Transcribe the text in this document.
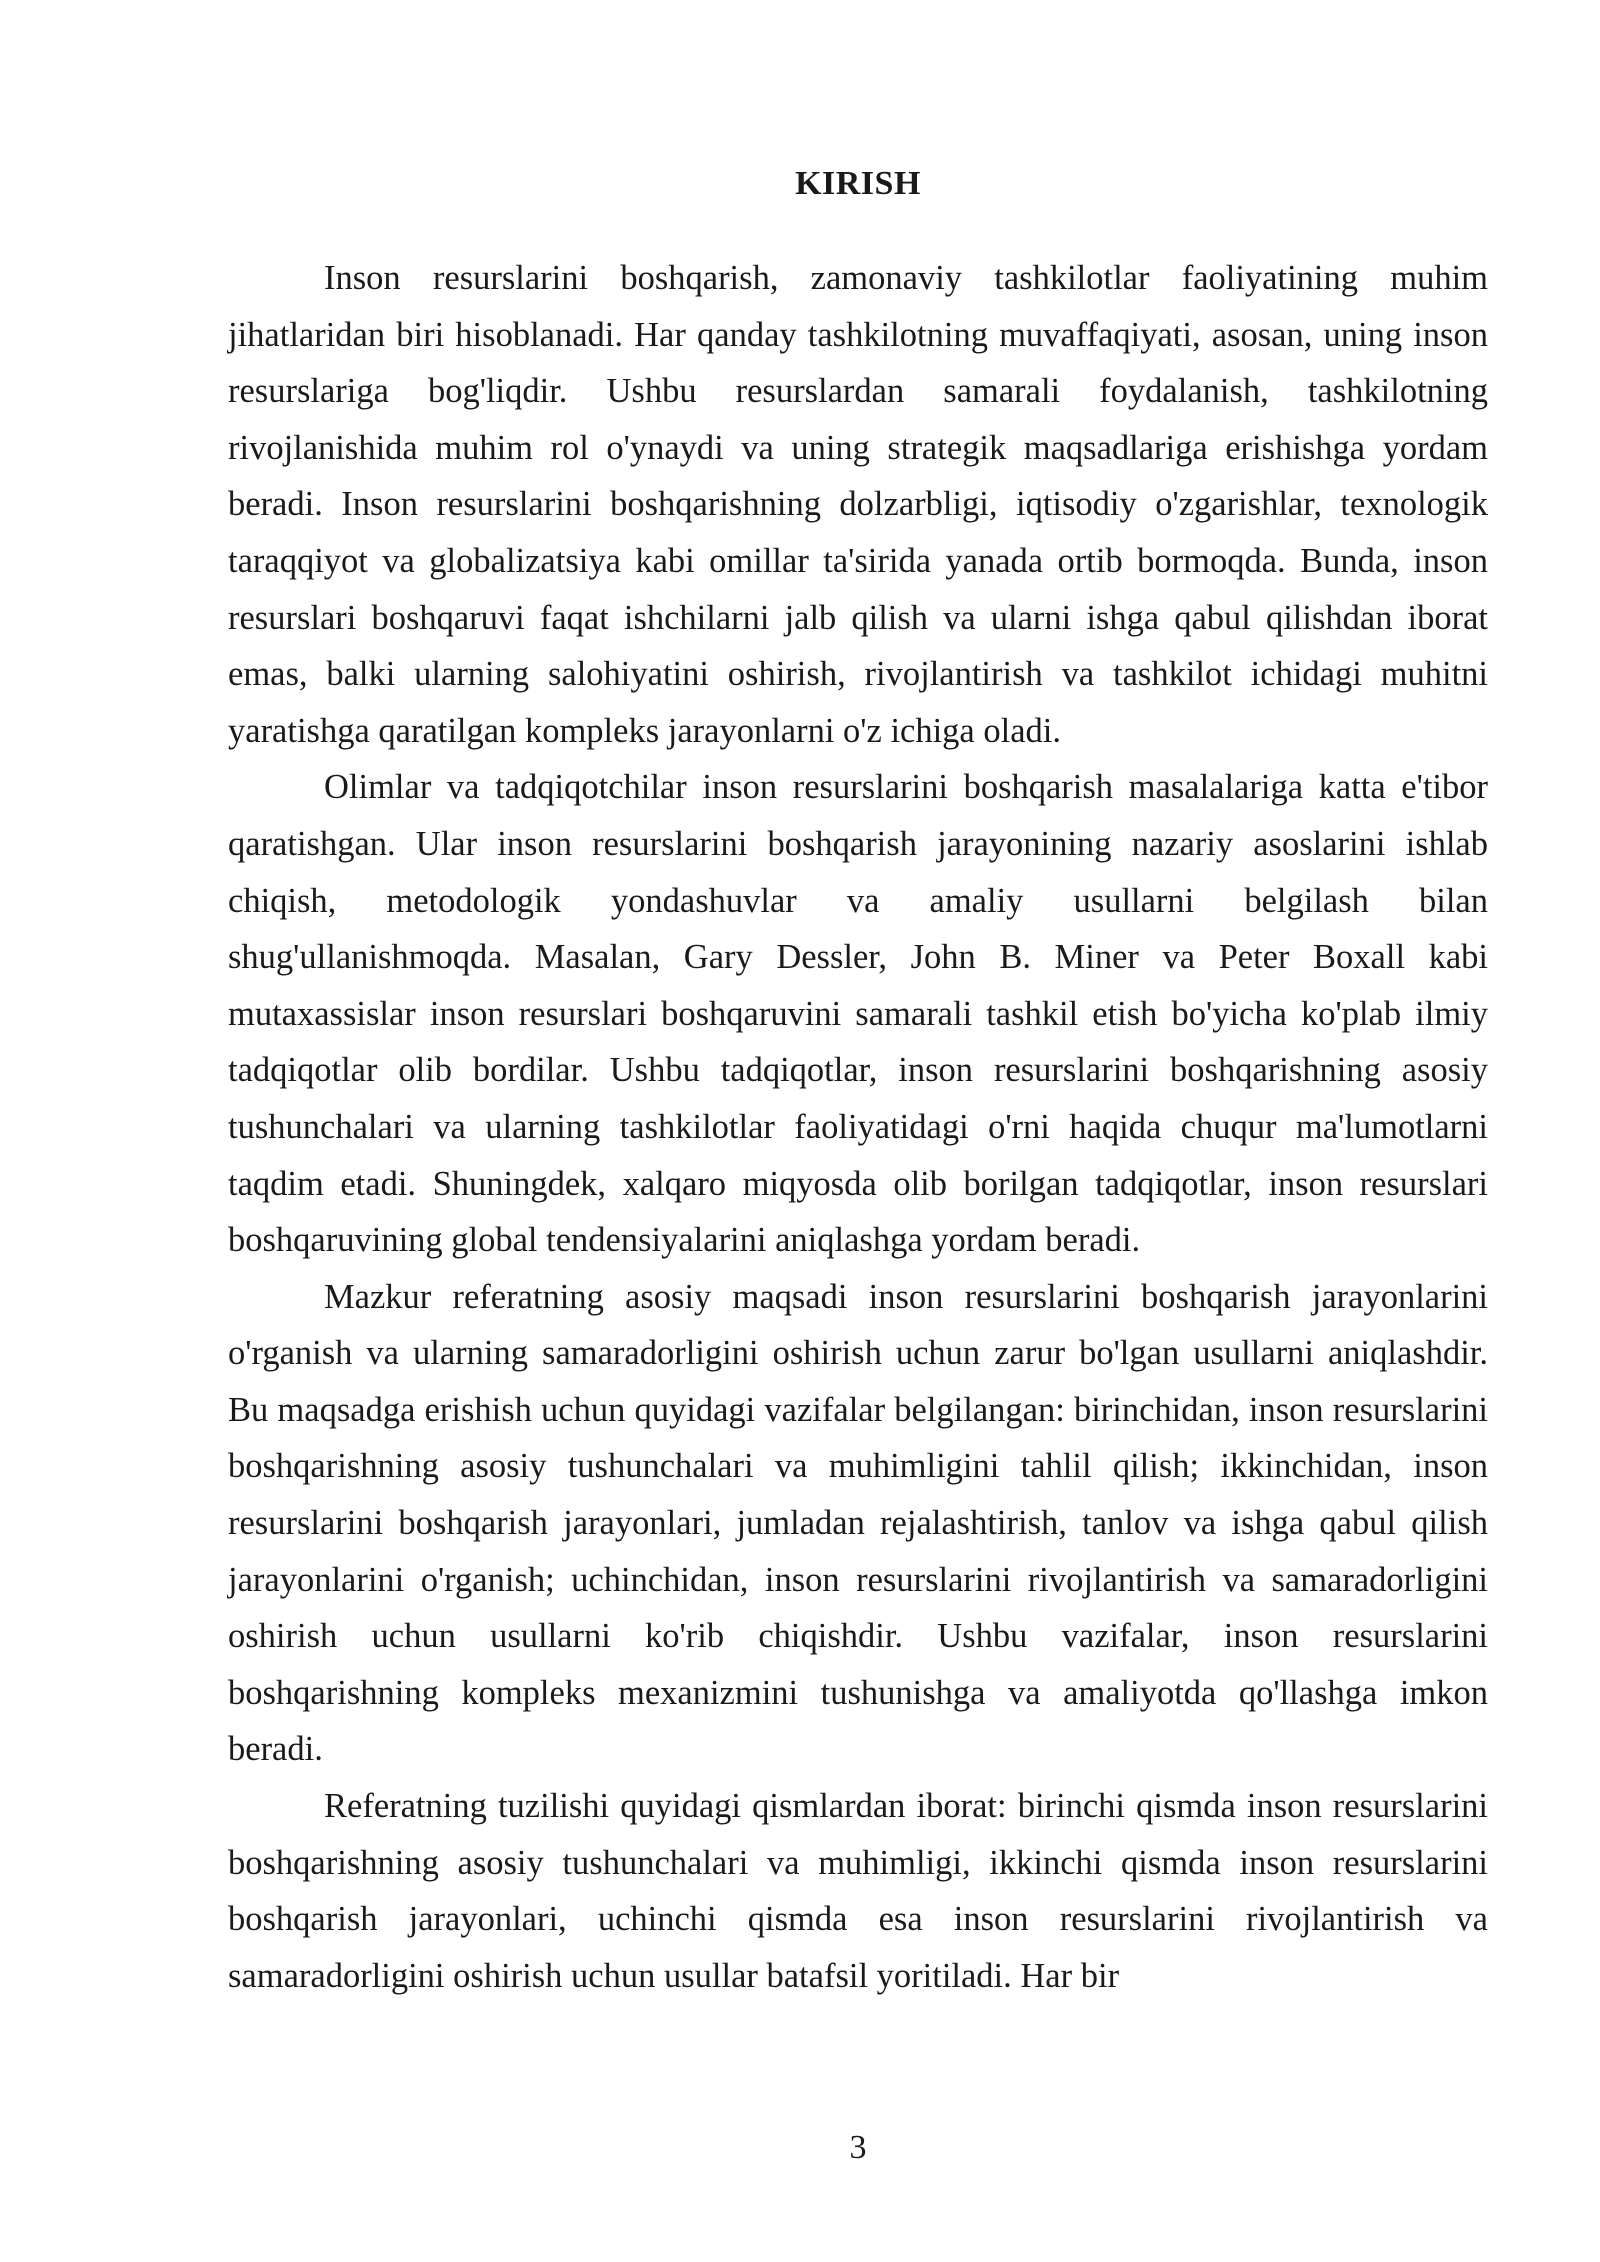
KIRISH

Inson resurslarini boshqarish, zamonaviy tashkilotlar faoliyatining muhim jihatlaridan biri hisoblanadi. Har qanday tashkilotning muvaffaqiyati, asosan, uning inson resurslariga bog'liqdir. Ushbu resurslardan samarali foydalanish, tashkilotning rivojlanishida muhim rol o'ynaydi va uning strategik maqsadlariga erishishga yordam beradi. Inson resurslarini boshqarishning dolzarbligi, iqtisodiy o'zgarishlar, texnologik taraqqiyot va globalizatsiya kabi omillar ta'sirida yanada ortib bormoqda. Bunda, inson resurslari boshqaruvi faqat ishchilarni jalb qilish va ularni ishga qabul qilishdan iborat emas, balki ularning salohiyatini oshirish, rivojlantirish va tashkilot ichidagi muhitni yaratishga qaratilgan kompleks jarayonlarni o'z ichiga oladi.

Olimlar va tadqiqotchilar inson resurslarini boshqarish masalalariga katta e'tibor qaratishgan. Ular inson resurslarini boshqarish jarayonining nazariy asoslarini ishlab chiqish, metodologik yondashuvlar va amaliy usullarni belgilash bilan shug'ullanishmoqda. Masalan, Gary Dessler, John B. Miner va Peter Boxall kabi mutaxassislar inson resurslari boshqaruvini samarali tashkil etish bo'yicha ko'plab ilmiy tadqiqotlar olib bordilar. Ushbu tadqiqotlar, inson resurslarini boshqarishning asosiy tushunchalari va ularning tashkilotlar faoliyatidagi o'rni haqida chuqur ma'lumotlarni taqdim etadi. Shuningdek, xalqaro miqyosda olib borilgan tadqiqotlar, inson resurslari boshqaruvining global tendensiyalarini aniqlashga yordam beradi.

Mazkur referatning asosiy maqsadi inson resurslarini boshqarish jarayonlarini o'rganish va ularning samaradorligini oshirish uchun zarur bo'lgan usullarni aniqlashdir. Bu maqsadga erishish uchun quyidagi vazifalar belgilangan: birinchidan, inson resurslarini boshqarishning asosiy tushunchalari va muhimligini tahlil qilish; ikkinchidan, inson resurslarini boshqarish jarayonlari, jumladan rejalashtirish, tanlov va ishga qabul qilish jarayonlarini o'rganish; uchinchidan, inson resurslarini rivojlantirish va samaradorligini oshirish uchun usullarni ko'rib chiqishdir. Ushbu vazifalar, inson resurslarini boshqarishning kompleks mexanizmini tushunishga va amaliyotda qo'llashga imkon beradi.

Referatning tuzilishi quyidagi qismlardan iborat: birinchi qismda inson resurslarini boshqarishning asosiy tushunchalari va muhimligi, ikkinchi qismda inson resurslarini boshqarish jarayonlari, uchinchi qismda esa inson resurslarini rivojlantirish va samaradorligini oshirish uchun usullar batafsil yoritiladi. Har bir

3
